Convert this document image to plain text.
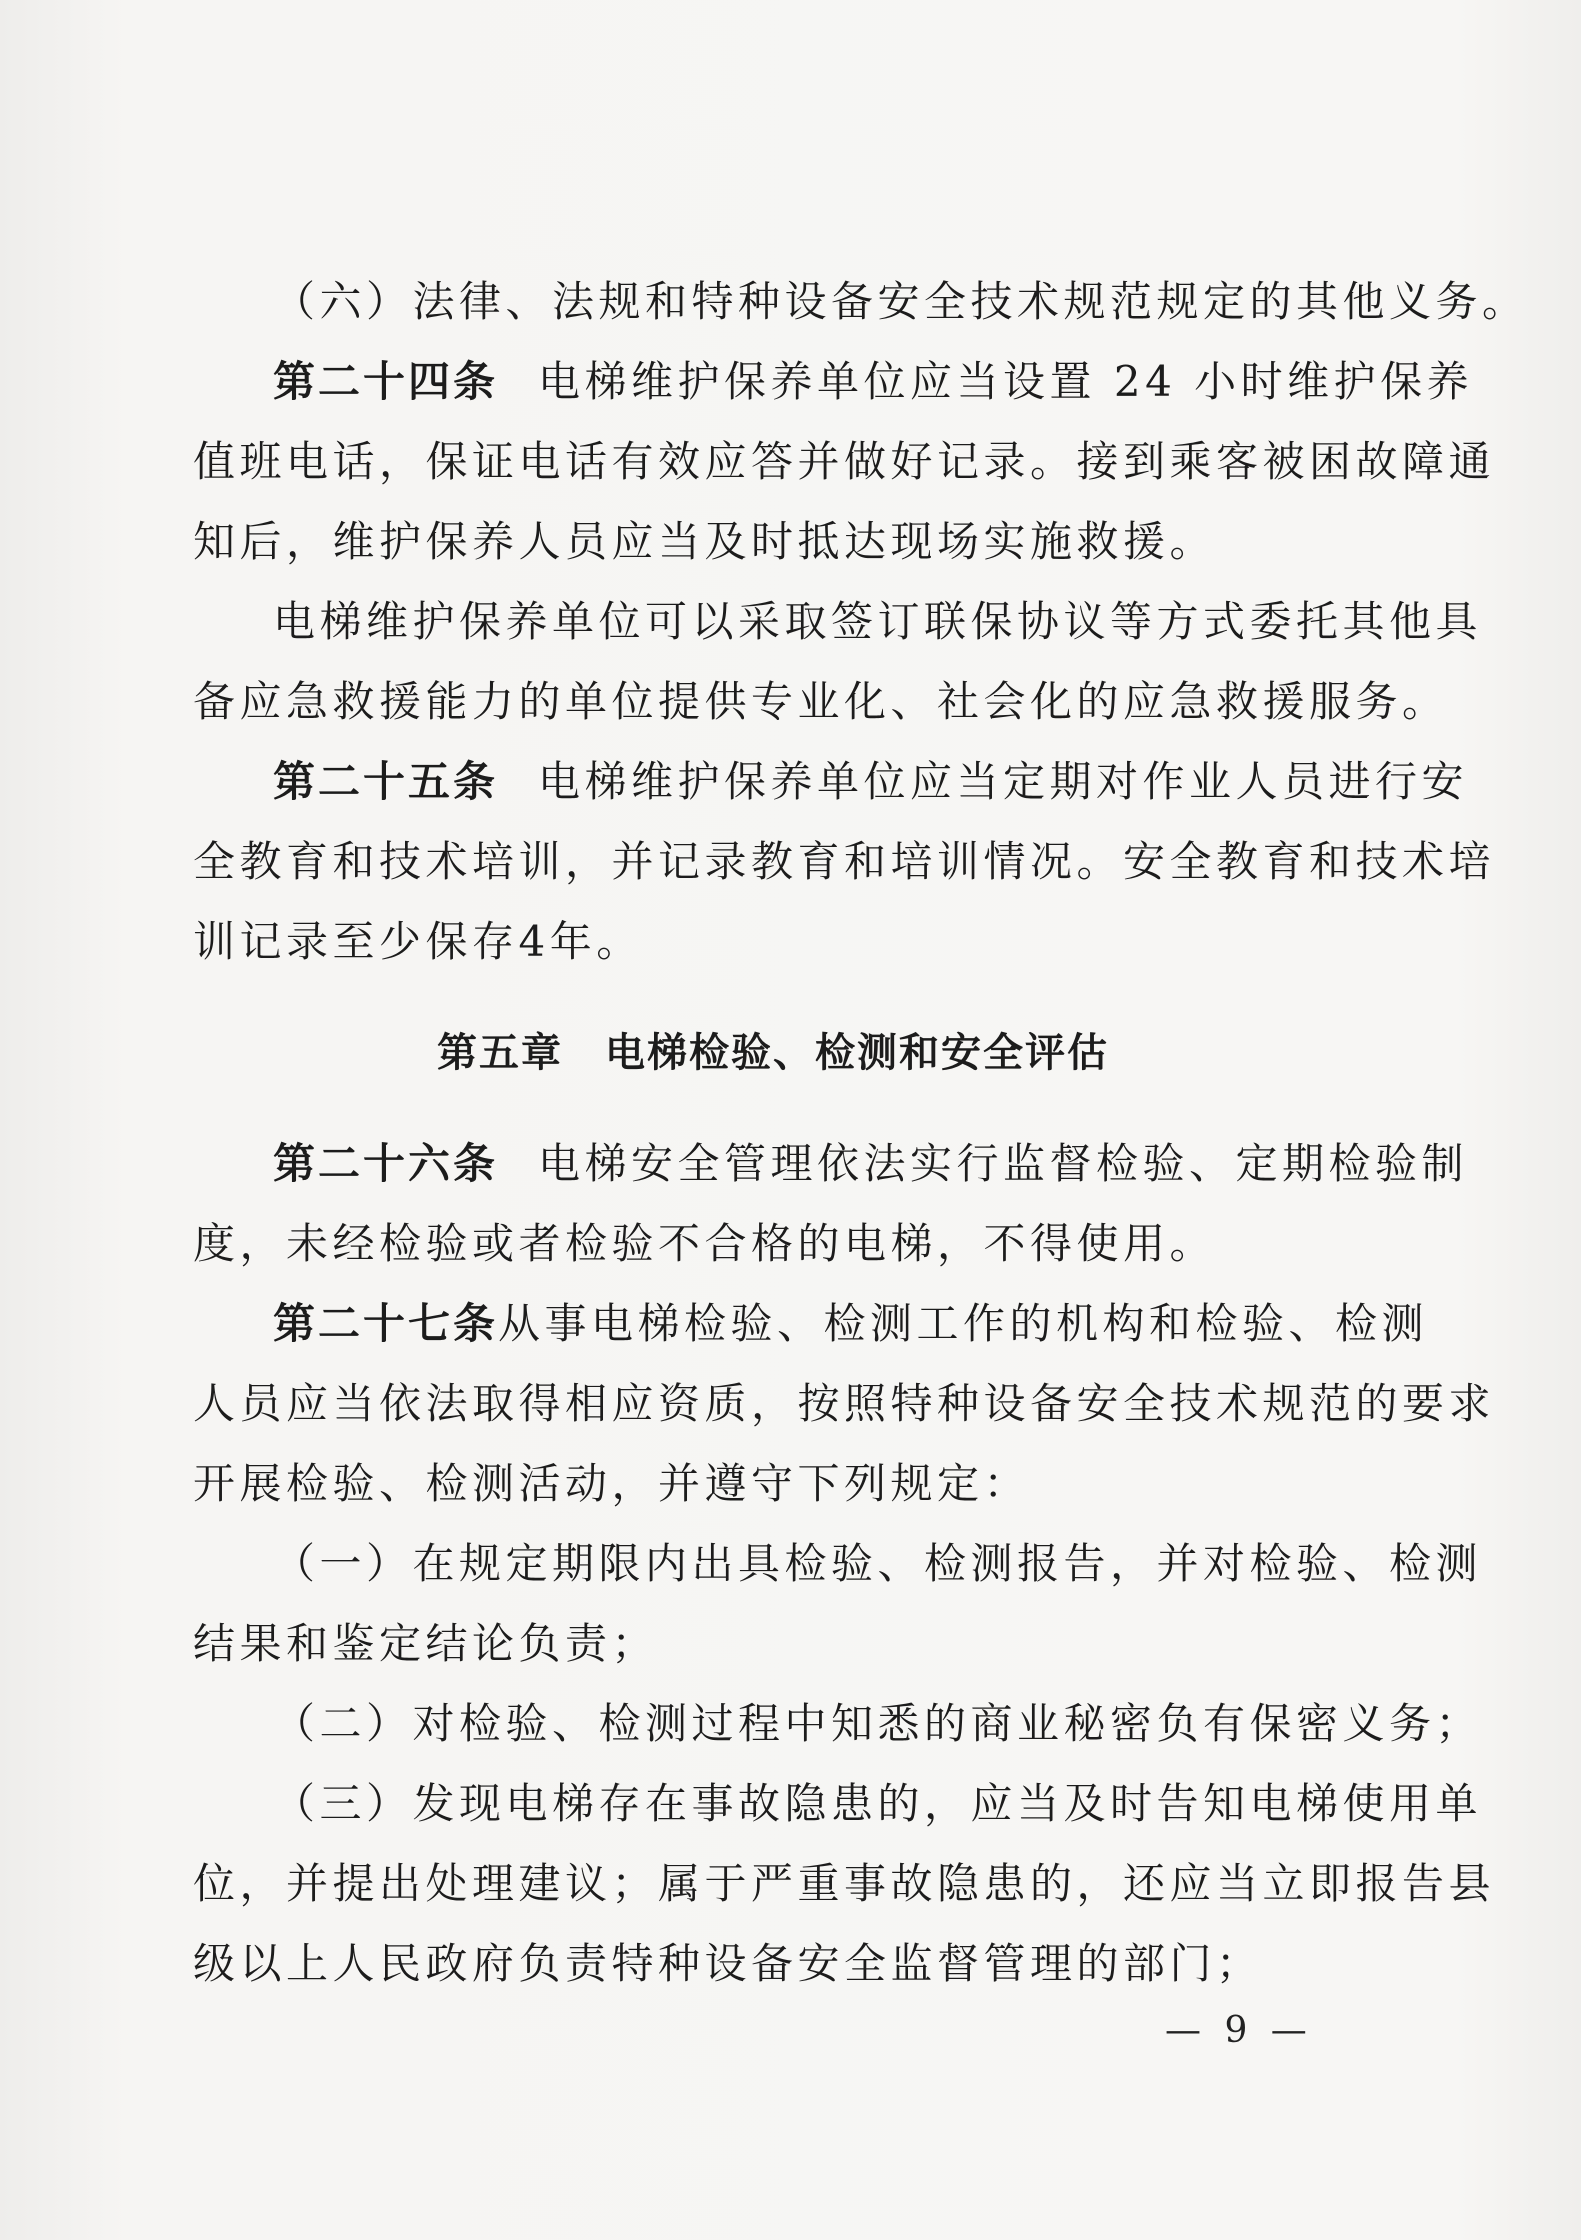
（六）法律、法规和特种设备安全技术规范规定的其他义务。
第二十四条 电梯维护保养单位应当设置 24 小时维护保养
值班电话，保证电话有效应答并做好记录。接到乘客被困故障通
知后，维护保养人员应当及时抵达现场实施救援。
电梯维护保养单位可以采取签订联保协议等方式委托其他具
备应急救援能力的单位提供专业化、社会化的应急救援服务。
第二十五条 电梯维护保养单位应当定期对作业人员进行安
全教育和技术培训，并记录教育和培训情况。安全教育和技术培
训记录至少保存4年。
第五章　电梯检验、检测和安全评估
第二十六条 电梯安全管理依法实行监督检验、定期检验制
度，未经检验或者检验不合格的电梯，不得使用。
第二十七条从事电梯检验、检测工作的机构和检验、检测
人员应当依法取得相应资质，按照特种设备安全技术规范的要求
开展检验、检测活动，并遵守下列规定：
（一）在规定期限内出具检验、检测报告，并对检验、检测
结果和鉴定结论负责；
（二）对检验、检测过程中知悉的商业秘密负有保密义务；
（三）发现电梯存在事故隐患的，应当及时告知电梯使用单
位，并提出处理建议；属于严重事故隐患的，还应当立即报告县
级以上人民政府负责特种设备安全监督管理的部门；
— 9 —
